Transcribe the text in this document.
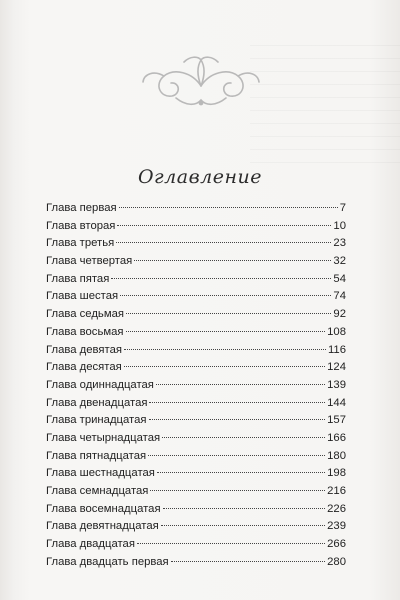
Оглавление
Глава первая	7
Глава вторая	10
Глава третья	23
Глава четвертая	32
Глава пятая	54
Глава шестая	74
Глава седьмая	92
Глава восьмая	108
Глава девятая	116
Глава десятая	124
Глава одиннадцатая	139
Глава двенадцатая	144
Глава тринадцатая	157
Глава четырнадцатая	166
Глава пятнадцатая	180
Глава шестнадцатая	198
Глава семнадцатая	216
Глава восемнадцатая	226
Глава девятнадцатая	239
Глава двадцатая	266
Глава двадцать первая	280
